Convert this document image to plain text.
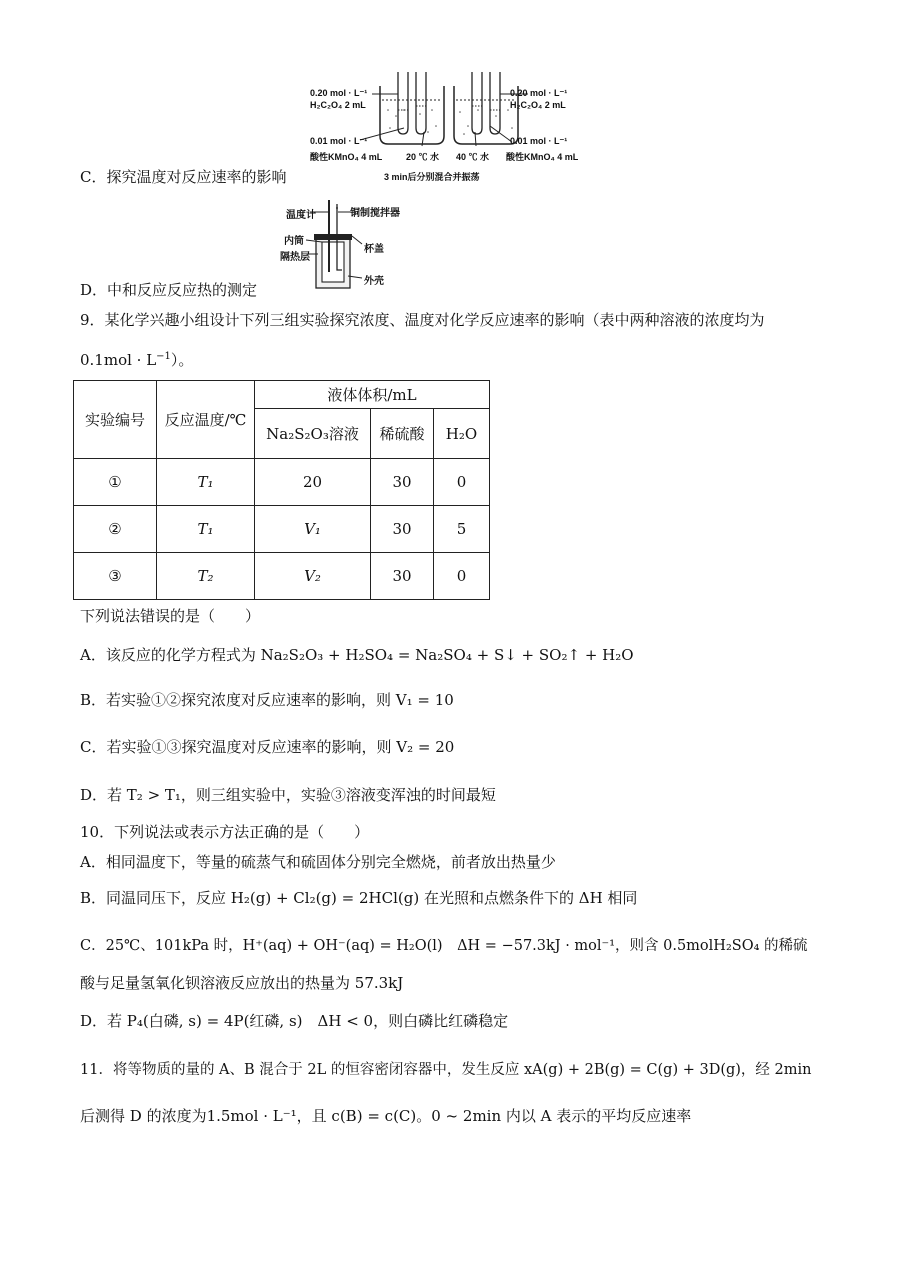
0.20 mol · L⁻¹
H₂C₂O₄ 2 mL
0.01 mol · L⁻¹
酸性KMnO₄ 4 mL	20 ℃ 水
0.20 mol · L⁻¹
H₂C₂O₄ 2 mL
40 ℃ 水
0.01 mol · L⁻¹
酸性KMnO₄ 4 mL
3 min后分别混合并振荡
C．探究温度对反应速率的影响
温度计	铜制搅拌器
内筒
隔热层
杯盖
外壳
D．中和反应反应热的测定
9．某化学兴趣小组设计下列三组实验探究浓度、温度对化学反应速率的影响（表中两种溶液的浓度均为
$0.1mol \cdot L^{-1}$）。
实验编号	反应温度/℃	液体体积/mL		
		Na₂S₂O₃溶液	稀硫酸	H₂O
①	T₁	20	30	0
②	T₁	V₁	30	5
③	T₂	V₂	30	0
下列说法错误的是（　　）
A．该反应的化学方程式为 Na₂S₂O₃ + H₂SO₄ = Na₂SO₄ + S↓ + SO₂↑ + H₂O
B．若实验①②探究浓度对反应速率的影响，则 V₁ = 10
C．若实验①③探究温度对反应速率的影响，则 V₂ = 20
D．若 T₂ > T₁，则三组实验中，实验③溶液变浑浊的时间最短
10．下列说法或表示方法正确的是（　　）
A．相同温度下，等量的硫蒸气和硫固体分别完全燃烧，前者放出热量少
B．同温同压下，反应 H₂(g) + Cl₂(g) = 2HCl(g) 在光照和点燃条件下的 ΔH 相同
C．25℃、101kPa 时，H⁺(aq) + OH⁻(aq) = H₂O(l)　ΔH = −57.3kJ · mol⁻¹，则含 0.5molH₂SO₄ 的稀硫
酸与足量氢氧化钡溶液反应放出的热量为 57.3kJ
D．若 P₄(白磷, s) = 4P(红磷, s)　ΔH < 0，则白磷比红磷稳定
11．将等物质的量的 A、B 混合于 2L 的恒容密闭容器中，发生反应 xA(g) + 2B(g) = C(g) + 3D(g)，经 2min
后测得 D 的浓度为1.5mol · L⁻¹，且 c(B) = c(C)。0 ~ 2min 内以 A 表示的平均反应速率
